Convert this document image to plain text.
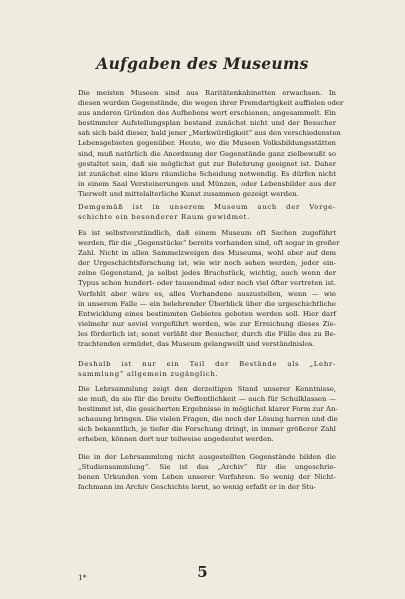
Aufgaben des Museums
Die meisten Museen sind aus Raritätenkabinetten erwachsen. In
diesen wurden Gegenstände, die wegen ihrer Fremdartigkeit auffielen oder
aus anderen Gründen des Aufhebens wert erschienen, angesammelt. Ein
bestimmter Aufstellungsplan bestand zunächst nicht und der Besucher
sah sich bald dieser, bald jener „Merkwürdigkeit“ aus den verschiedensten
Lebensgebieten gegenüber. Heute, wo die Museen Volksbildungsstätten
sind, muß natürlich die Anordnung der Gegenstände ganz zielbewußt so
gestaltet sein, daß sie möglichst gut zur Belehrung geeignet ist. Daher
ist zunächst eine klare räumliche Scheidung notwendig. Es dürfen nicht
in einem Saal Versteinerungen und Münzen, oder Lebensbilder aus der
Tierwelt und mittelalterliche Kunst zusammen gezeigt werden.
Demgemäß ist in unserem Museum auch der Vorge-
schichte ein besonderer Raum gewidmet.
Es ist selbstverständlich, daß einem Museum oft Sachen zugeführt
werden, für die „Gegenstücke“ bereits vorhanden sind, oft sogar in großer
Zahl. Nicht in allen Sammelzweigen des Museums, wohl aber auf dem
der Urgeschichtsforschung ist, wie wir noch sehen werden, jeder ein-
zelne Gegenstand, ja selbst jedes Bruchstück, wichtig, auch wenn der
Typus schon hundert- oder tausendmal oder noch viel öfter vertreten ist.
Verfehlt aber wäre es, alles Vorhandene auszustellen, wenn — wie
in unserem Falle — ein belehrender Überblick über die urgeschichtliche
Entwicklung eines bestimmten Gebietes geboten werden soll. Hier darf
vielmehr nur soviel vorgeführt werden, wie zur Erreichung dieses Zie-
les förderlich ist; sonst verläßt der Besucher, durch die Fülle des zu Be-
trachtenden ermüdet, das Museum gelangweilt und verständnislos.
Deshalb ist nur ein Teil der Bestände als „Lehr-
sammlung“ allgemein zugänglich.
Die Lehrsammlung zeigt den derzeitigen Stand unserer Kenntnisse,
sie muß, da sie für die breite Oeffentlichkeit — auch für Schulklassen —
bestimmt ist, die gesicherten Ergebnisse in möglichst klarer Form zur An-
schauung bringen. Die vielen Fragen, die noch der Lösung harren und die
sich bekanntlich, je tiefer die Forschung dringt, in immer größerer Zahl
erheben, können dort nur teilweise angedeutet werden.
Die in der Lehrsammlung nicht ausgestellten Gegenstände bilden die
„Studiensammlung“. Sie ist das „Archiv“ für die ungeschrie-
benen Urkunden vom Leben unserer Vorfahren. So wenig der Nicht-
fachmann im Archiv Geschichte lernt, so wenig erfaßt er in der Stu-
1*	5
